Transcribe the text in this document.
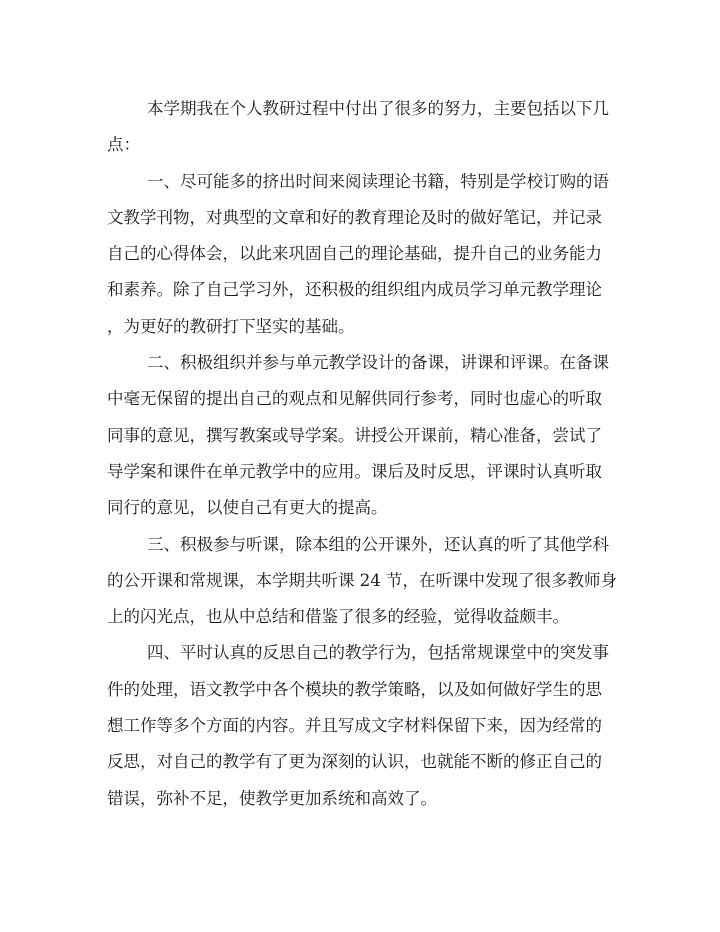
本学期我在个人教研过程中付出了很多的努力，主要包括以下几
点：
一、尽可能多的挤出时间来阅读理论书籍，特别是学校订购的语
文教学刊物，对典型的文章和好的教育理论及时的做好笔记，并记录
自己的心得体会，以此来巩固自己的理论基础，提升自己的业务能力
和素养。除了自己学习外，还积极的组织组内成员学习单元教学理论
，为更好的教研打下坚实的基础。
二、积极组织并参与单元教学设计的备课，讲课和评课。在备课
中毫无保留的提出自己的观点和见解供同行参考，同时也虚心的听取
同事的意见，撰写教案或导学案。讲授公开课前，精心准备，尝试了
导学案和课件在单元教学中的应用。课后及时反思，评课时认真听取
同行的意见，以使自己有更大的提高。
三、积极参与听课，除本组的公开课外，还认真的听了其他学科
的公开课和常规课，本学期共听课 24 节，在听课中发现了很多教师身
上的闪光点，也从中总结和借鉴了很多的经验，觉得收益颇丰。
四、平时认真的反思自己的教学行为，包括常规课堂中的突发事
件的处理，语文教学中各个模块的教学策略，以及如何做好学生的思
想工作等多个方面的内容。并且写成文字材料保留下来，因为经常的
反思，对自己的教学有了更为深刻的认识，也就能不断的修正自己的
错误，弥补不足，使教学更加系统和高效了。
